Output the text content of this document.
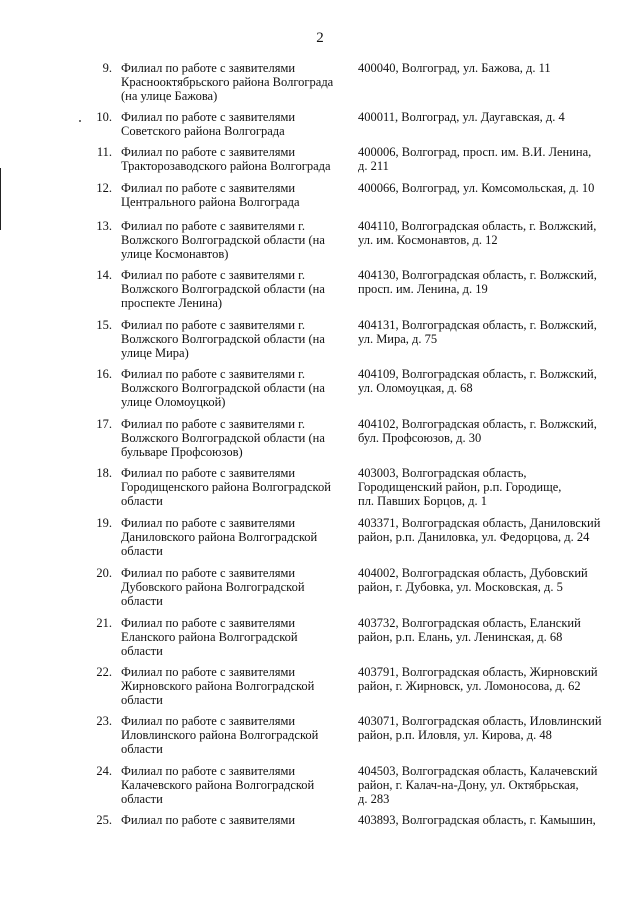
2
9. Филиал по работе с заявителями
Краснооктябрьского района Волгограда
(на улице Бажова)
400040, Волгоград, ул. Бажова, д. 11
10. Филиал по работе с заявителями
Советского района Волгограда
400011, Волгоград, ул. Даугавская, д. 4
11. Филиал по работе с заявителями
Тракторозаводского района Волгограда
400006, Волгоград, просп. им. В.И. Ленина,
д. 211
12. Филиал по работе с заявителями
Центрального района Волгограда
400066, Волгоград, ул. Комсомольская, д. 10
13. Филиал по работе с заявителями г.
Волжского Волгоградской области (на
улице Космонавтов)
404110, Волгоградская область, г. Волжский,
ул. им. Космонавтов, д. 12
14. Филиал по работе с заявителями г.
Волжского Волгоградской области (на
проспекте Ленина)
404130, Волгоградская область, г. Волжский,
просп. им. Ленина, д. 19
15. Филиал по работе с заявителями г.
Волжского Волгоградской области (на
улице Мира)
404131, Волгоградская область, г. Волжский,
ул. Мира, д. 75
16. Филиал по работе с заявителями г.
Волжского Волгоградской области (на
улице Оломоуцкой)
404109, Волгоградская область, г. Волжский,
ул. Оломоуцкая, д. 68
17. Филиал по работе с заявителями г.
Волжского Волгоградской области (на
бульваре Профсоюзов)
404102, Волгоградская область, г. Волжский,
бул. Профсоюзов, д. 30
18. Филиал по работе с заявителями
Городищенского района Волгоградской
области
403003, Волгоградская область,
Городищенский район, р.п. Городище,
пл. Павших Борцов, д. 1
19. Филиал по работе с заявителями
Даниловского района Волгоградской
области
403371, Волгоградская область, Даниловский
район, р.п. Даниловка, ул. Федорцова, д. 24
20. Филиал по работе с заявителями
Дубовского района Волгоградской
области
404002, Волгоградская область, Дубовский
район, г. Дубовка, ул. Московская, д. 5
21. Филиал по работе с заявителями
Еланского района Волгоградской
области
403732, Волгоградская область, Еланский
район, р.п. Елань, ул. Ленинская, д. 68
22. Филиал по работе с заявителями
Жирновского района Волгоградской
области
403791, Волгоградская область, Жирновский
район, г. Жирновск, ул. Ломоносова, д. 62
23. Филиал по работе с заявителями
Иловлинского района Волгоградской
области
403071, Волгоградская область, Иловлинский
район, р.п. Иловля, ул. Кирова, д. 48
24. Филиал по работе с заявителями
Калачевского района Волгоградской
области
404503, Волгоградская область, Калачевский
район, г. Калач-на-Дону, ул. Октябрьская,
д. 283
25. Филиал по работе с заявителями	403893, Волгоградская область, г. Камышин,
